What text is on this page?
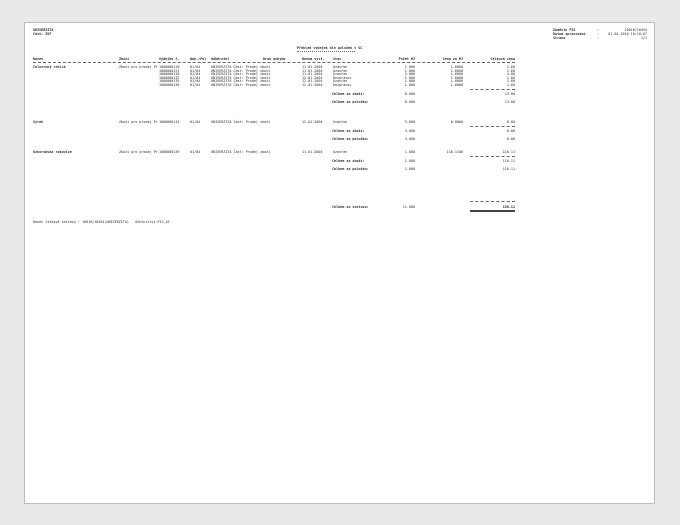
UNIVERZITA
Část: ZSF
Zaměstn PIS	:	10016/10454
Datum zpracování	:	01.04.2010 10:10:07
Strana	:	1/1
Přehled výdejek dle položek v SC
Název	Zboží	Výdejka č.	Nák./Pol Odběratel	Druh pohybu	Datum vyst.	Stav	Počet MJ	Cena za MJ	Celková cena
Celozrnný rohlík	Zboží pro prodej Pr 1000000120	01/04	UNIVERZITA Část: Prodej zboží	11.01.2004	Uzavřen	1.000	1.6000	1.60
1000000121	01/04	UNIVERZITA Část: Prodej zboží	11.01.2004	Uzavřen	1.000	1.6000	1.60
1000000128	01/04	UNIVERZITA Část: Prodej zboží	11.01.2004	Uzavřen	3.000	1.6000	4.80
1000000132	01/04	UNIVERZITA Část: Prodej zboží	12.01.2004	Rozpracov	1.000	1.6000	1.60
1000000135	01/04	UNIVERZITA Část: Prodej zboží	12.01.2004	Uzavřen	1.000	1.6000	1.60
1000000136	01/04	UNIVERZITA Část: Prodej zboží	12.01.2004	Rozpracov	1.000	1.6000	1.60
Celkem za zboží:	8.000	13.00
Celkem za položku:	8.000	13.00
Sýrek	Zboží pro prodej Pr 1000000115	01/04	UNIVERZITA Část: Prodej zboží	12.01.2004	Uzavřen	3.000	0.0000	0.00
Celkem za zboží:	3.000	0.00
Celkem za položku:	3.000	0.00
Uzhorodská rukavice	Zboží pro prodej Pr 1000000139	01/04	UNIVERZITA Část: Prodej zboží	11.01.2004	Uzavřen	1.000	116.1100	116.11
Celkem za zboží:	1.000	116.11
Celkem za položku:	1.000	116.11
Celkem za sestavu:	11.000	156.11
Konec tiskové sestavy : 10016/10454(UNIVERZITA) - Učetnictví.PIS_01
